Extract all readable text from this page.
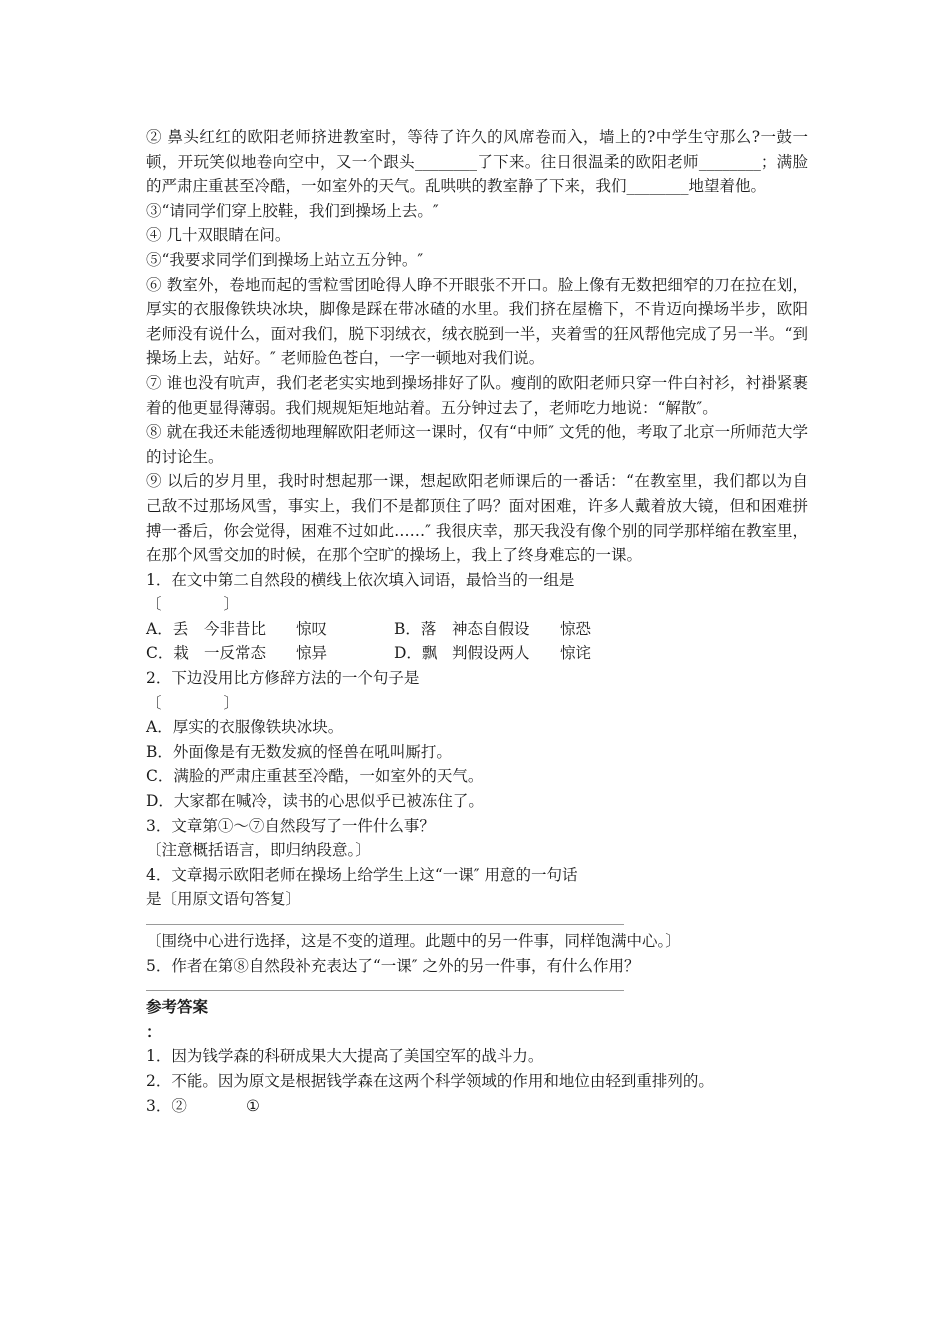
② 鼻头红红的欧阳老师挤进教室时，等待了许久的风席卷而入，墙上的?中学生守那么?一鼓一顿，开玩笑似地卷向空中，又一个跟头________了下来。往日很温柔的欧阳老师________；满脸的严肃庄重甚至冷酷，一如室外的天气。乱哄哄的教室静了下来，我们________地望着他。

③“请同学们穿上胶鞋，我们到操场上去。″

④ 几十双眼睛在问。

⑤“我要求同学们到操场上站立五分钟。″

⑥ 教室外，卷地而起的雪粒雪团呛得人睁不开眼张不开口。脸上像有无数把细窄的刀在拉在划，厚实的衣服像铁块冰块，脚像是踩在带冰碴的水里。我们挤在屋檐下，不肯迈向操场半步，欧阳老师没有说什么，面对我们，脱下羽绒衣，绒衣脱到一半，夹着雪的狂风帮他完成了另一半。“到操场上去，站好。″ 老师脸色苍白，一字一顿地对我们说。

⑦ 谁也没有吭声，我们老老实实地到操场排好了队。瘦削的欧阳老师只穿一件白衬衫，衬褂紧裹着的他更显得薄弱。我们规规矩矩地站着。五分钟过去了，老师吃力地说：“解散″。

⑧ 就在我还未能透彻地理解欧阳老师这一课时，仅有“中师″ 文凭的他，考取了北京一所师范大学的讨论生。

⑨ 以后的岁月里，我时时想起那一课，想起欧阳老师课后的一番话：“在教室里，我们都以为自己敌不过那场风雪，事实上，我们不是都顶住了吗？面对困难，许多人戴着放大镜，但和困难拼搏一番后，你会觉得，困难不过如此……″ 我很庆幸，那天我没有像个别的同学那样缩在教室里，在那个风雪交加的时候，在那个空旷的操场上，我上了终身难忘的一课。

1．在文中第二自然段的横线上依次填入词语，最恰当的一组是

〔　　　　〕

A．丢	今非昔比	惊叹	B．落	神态自假设	惊恐
C．栽 一反常态	惊异	D．飘 判假设两人	惊诧

2．下边没用比方修辞方法的一个句子是

〔　　　　〕

A．厚实的衣服像铁块冰块。

B．外面像是有无数发疯的怪兽在吼叫厮打。

C．满脸的严肃庄重甚至冷酷，一如室外的天气。

D．大家都在喊冷，读书的心思似乎已被冻住了。

3．文章第①～⑦自然段写了一件什么事？

〔注意概括语言，即归纳段意。〕

4．文章揭示欧阳老师在操场上给学生上这“一课″ 用意的一句话

是〔用原文语句答复〕

〔围绕中心进行选择，这是不变的道理。此题中的另一件事，同样饱满中心。〕

5．作者在第⑧自然段补充表达了“一课″ 之外的另一件事，有什么作用？

参考答案

：

1．因为钱学森的科研成果大大提高了美国空军的战斗力。

2．不能。因为原文是根据钱学森在这两个科学领域的作用和地位由轻到重排列的。

3．②	①
